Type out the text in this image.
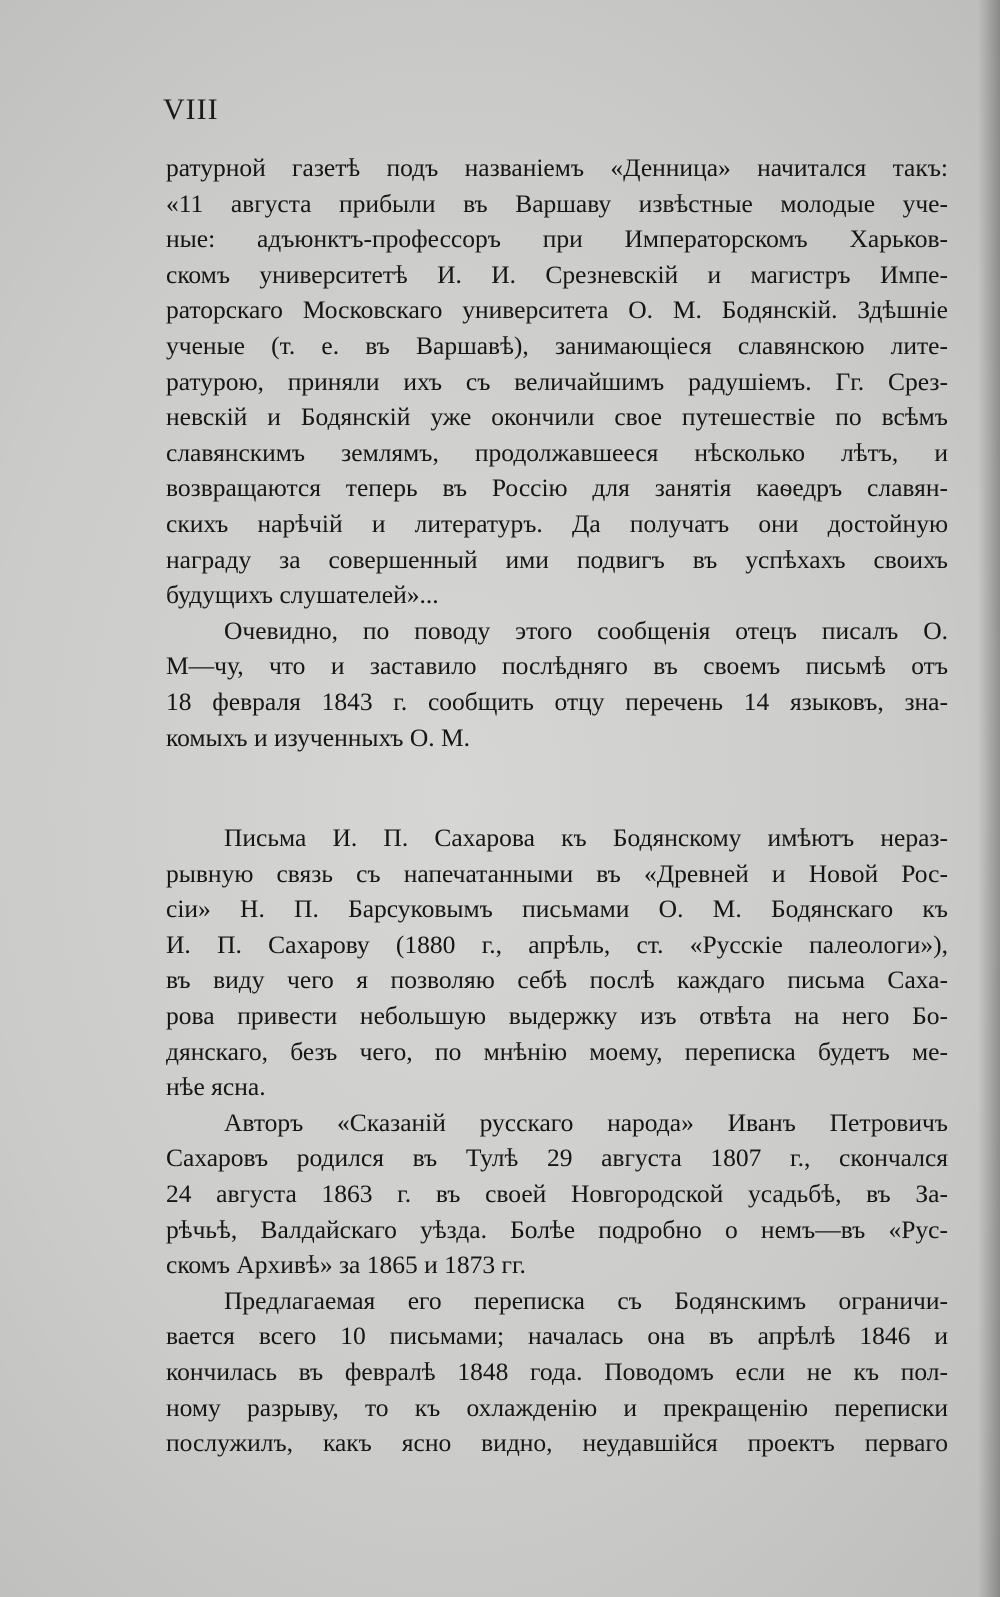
VIII
ратурной газетѣ подъ названіемъ «Денница» начитался такъ:
«11 августа прибыли въ Варшаву извѣстные молодые уче-
ные: адъюнктъ-профессоръ при Императорскомъ Харьков-
скомъ университетѣ И. И. Срезневскій и магистръ Импе-
раторскаго Московскаго университета О. М. Бодянскій. Здѣшніе
ученые (т. е. въ Варшавѣ), занимающіеся славянскою лите-
ратурою, приняли ихъ съ величайшимъ радушіемъ. Гг. Срез-
невскій и Бодянскій уже окончили свое путешествіе по всѣмъ
славянскимъ землямъ, продолжавшееся нѣсколько лѣтъ, и
возвращаются теперь въ Россію для занятія каѳедръ славян-
скихъ нарѣчій и литературъ. Да получатъ они достойную
награду за совершенный ими подвигъ въ успѣхахъ своихъ
будущихъ слушателей»...
Очевидно, по поводу этого сообщенія отецъ писалъ О.
М—чу, что и заставило послѣдняго въ своемъ письмѣ отъ
18 февраля 1843 г. сообщить отцу перечень 14 языковъ, зна-
комыхъ и изученныхъ О. М.
Письма И. П. Сахарова къ Бодянскому имѣютъ нераз-
рывную связь съ напечатанными въ «Древней и Новой Рос-
сіи» Н. П. Барсуковымъ письмами О. М. Бодянскаго къ
И. П. Сахарову (1880 г., апрѣль, ст. «Русскіе палеологи»),
въ виду чего я позволяю себѣ послѣ каждаго письма Саха-
рова привести небольшую выдержку изъ отвѣта на него Бо-
дянскаго, безъ чего, по мнѣнію моему, переписка будетъ ме-
нѣе ясна.
Авторъ «Сказаній русскаго народа» Иванъ Петровичъ
Сахаровъ родился въ Тулѣ 29 августа 1807 г., скончался
24 августа 1863 г. въ своей Новгородской усадьбѣ, въ За-
рѣчьѣ, Валдайскаго уѣзда. Болѣе подробно о немъ—въ «Рус-
скомъ Архивѣ» за 1865 и 1873 гг.
Предлагаемая его переписка съ Бодянскимъ ограничи-
вается всего 10 письмами; началась она въ апрѣлѣ 1846 и
кончилась въ февралѣ 1848 года. Поводомъ если не къ пол-
ному разрыву, то къ охлажденію и прекращенію переписки
послужилъ, какъ ясно видно, неудавшійся проектъ перваго
